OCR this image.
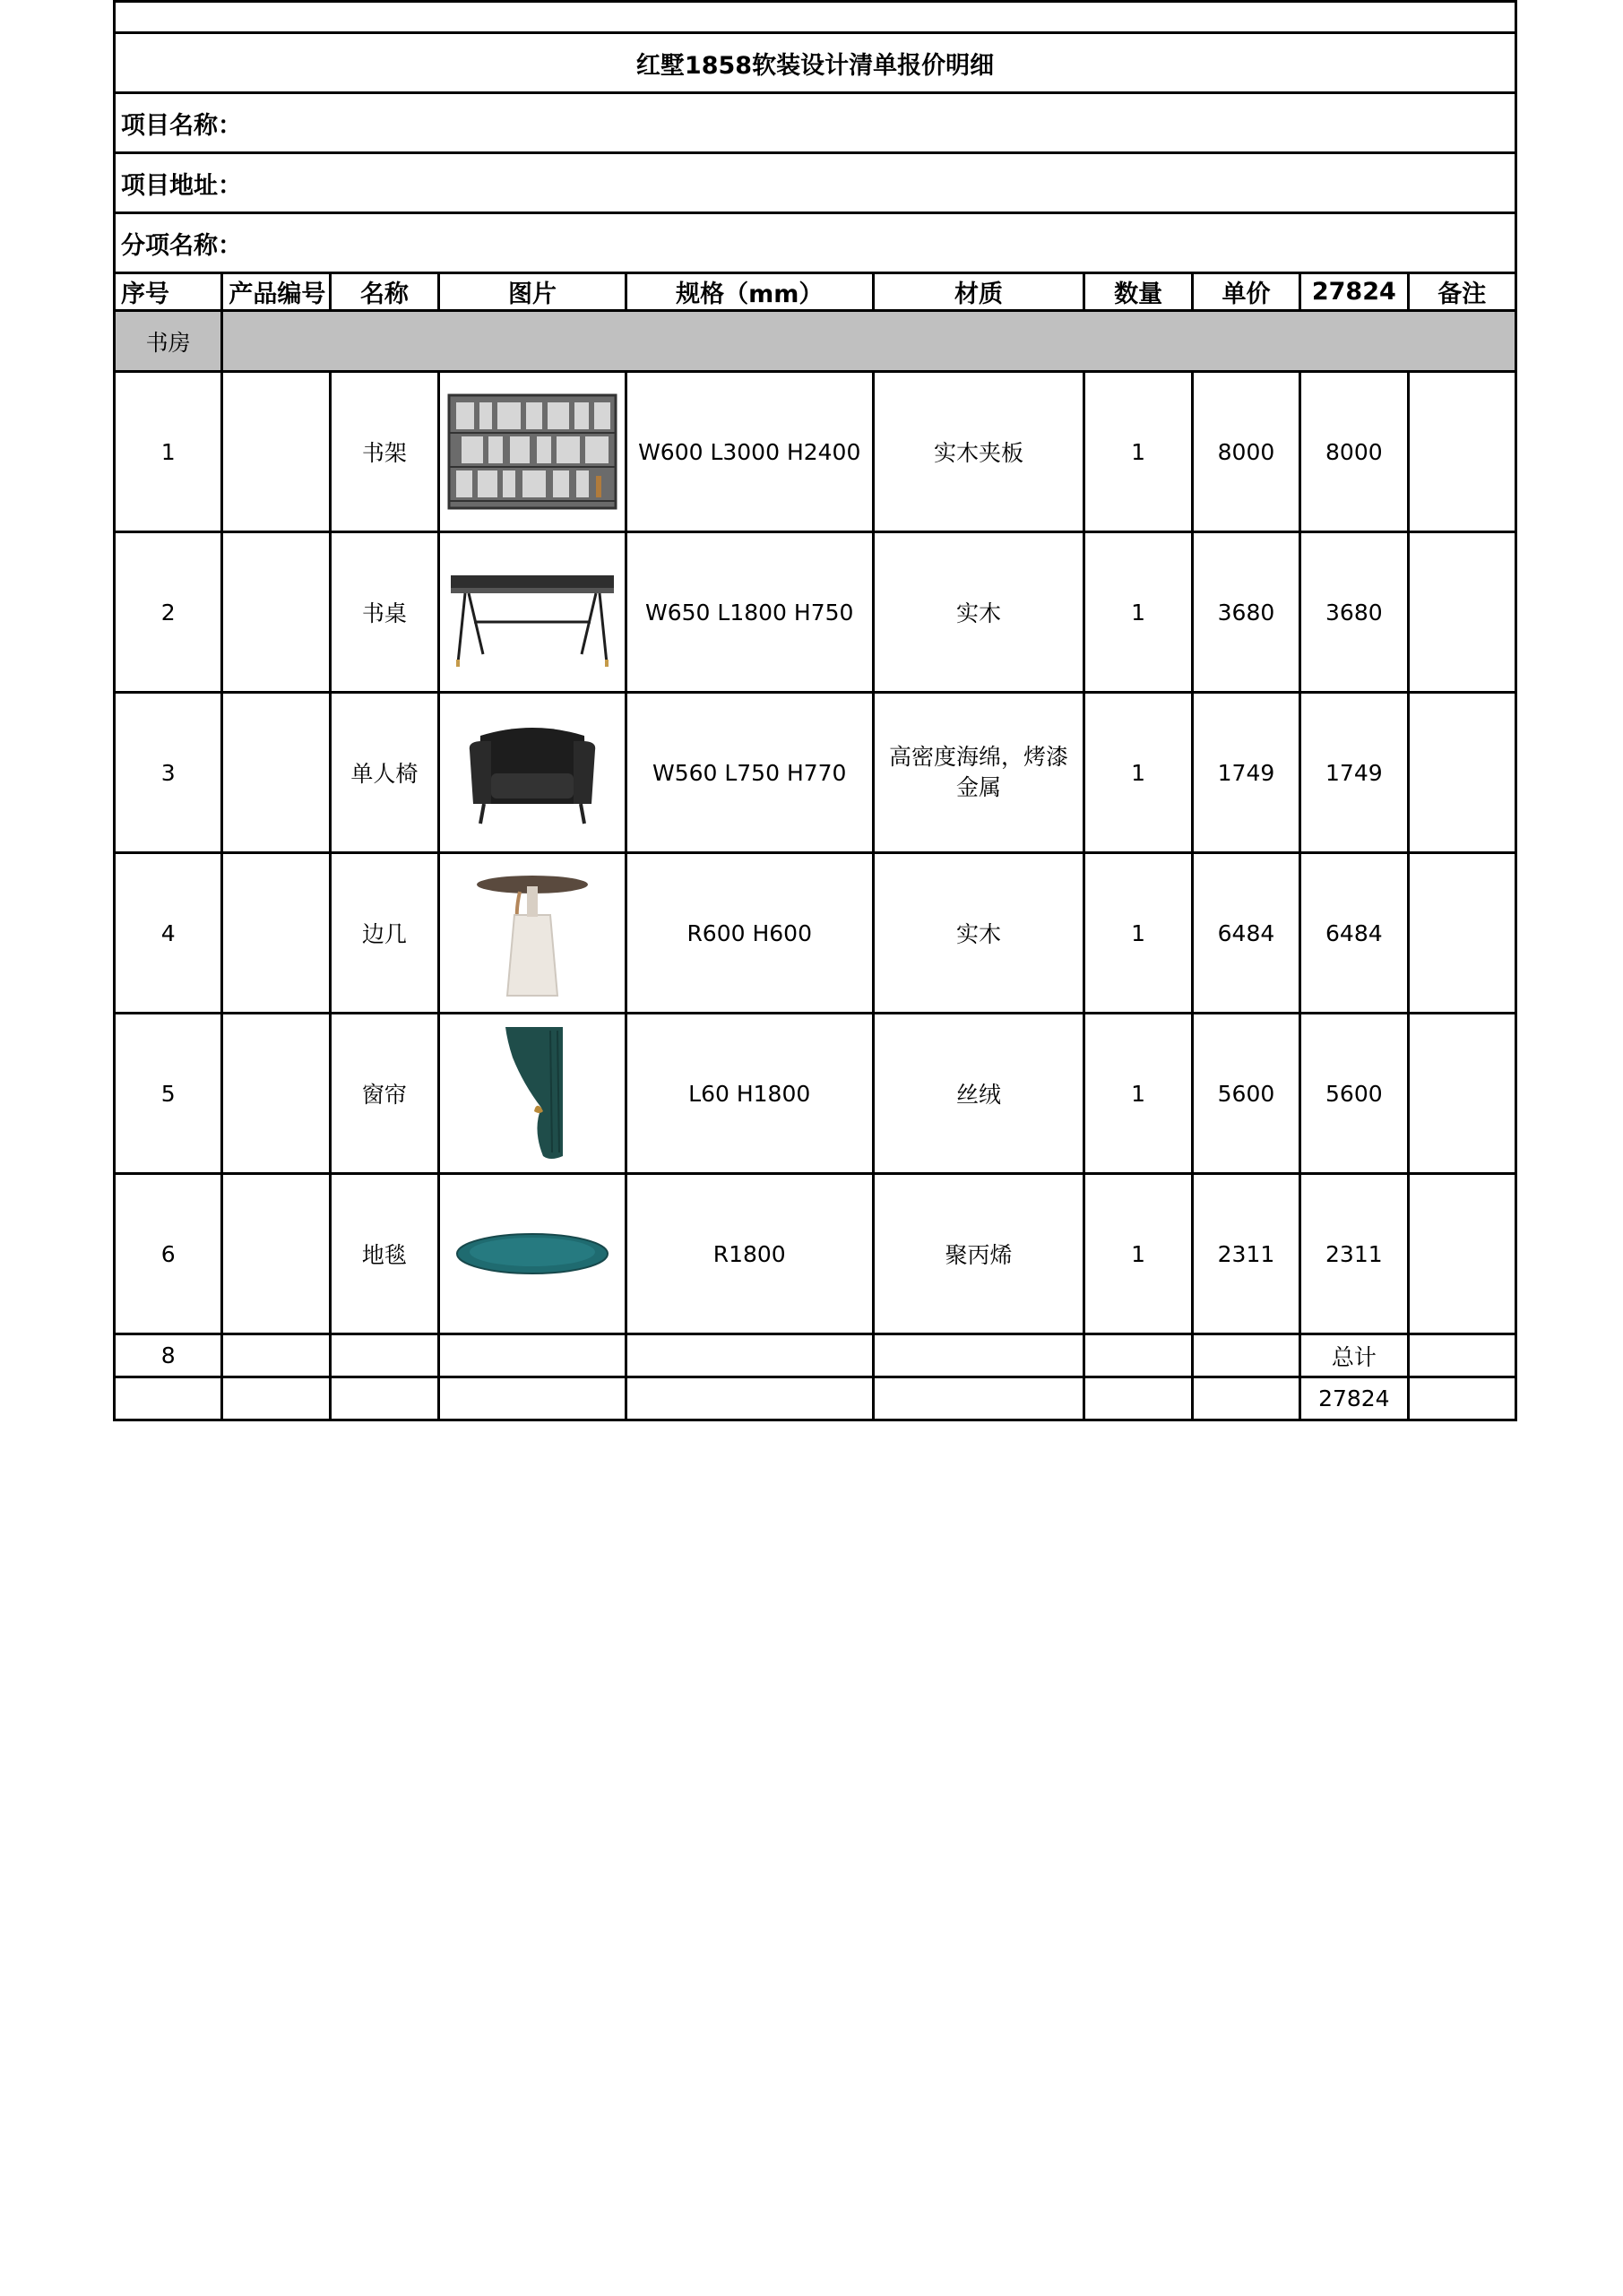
红墅1858软装设计清单报价明细									
项目名称：									
项目地址：									
分项名称：									
序号	产品编号	名称	图片	规格（mm）	材质	数量	单价	27824	备注
书房									
1		书架		W600 L3000 H2400	实木夹板	1	8000	8000	
2		书桌		W650 L1800 H750	实木	1	3680	3680	
3		单人椅		W560 L750 H770	高密度海绵，烤漆金属	1	1749	1749	
4		边几		R600 H600	实木	1	6484	6484	
5		窗帘		L60 H1800	丝绒	1	5600	5600	
6		地毯		R1800	聚丙烯	1	2311	2311	
8								总计	
								27824	
